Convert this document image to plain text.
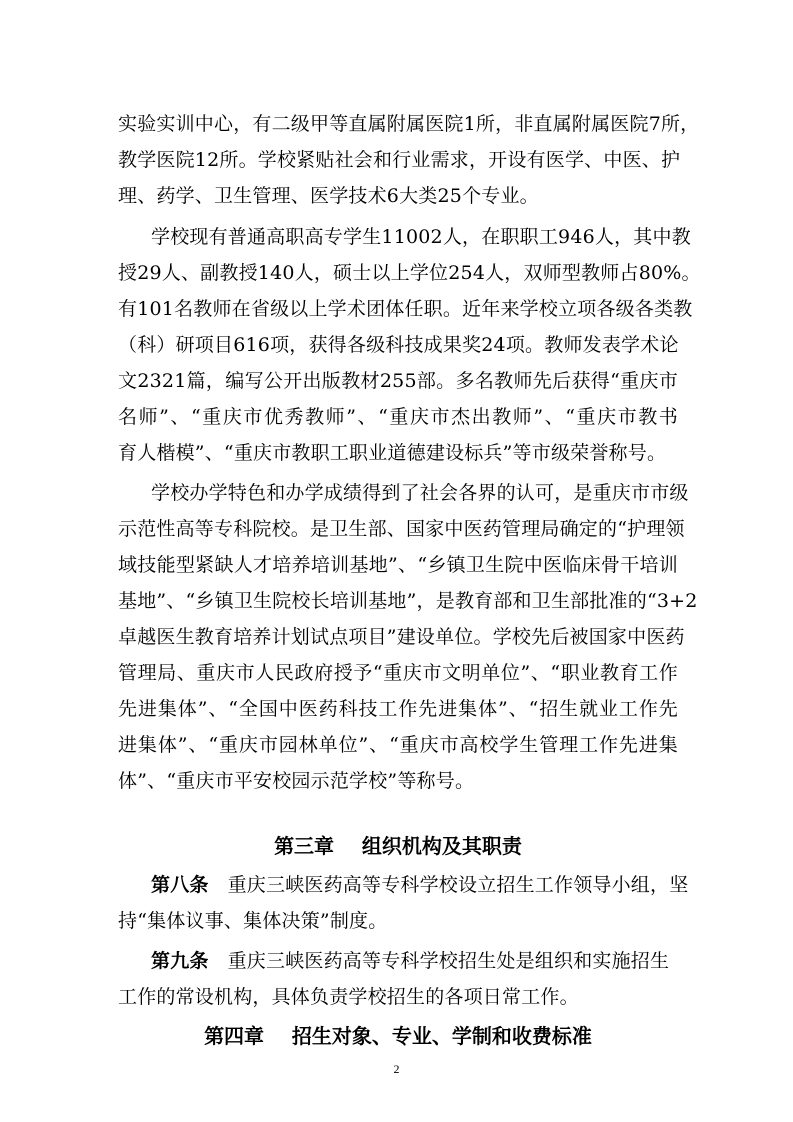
实验实训中心，有二级甲等直属附属医院1所，非直属附属医院7所，
教学医院12所。学校紧贴社会和行业需求，开设有医学、中医、护
理、药学、卫生管理、医学技术6大类25个专业。
学校现有普通高职高专学生11002人，在职职工946人，其中教
授29人、副教授140人，硕士以上学位254人，双师型教师占80%。
有101名教师在省级以上学术团体任职。近年来学校立项各级各类教
（科）研项目616项，获得各级科技成果奖24项。教师发表学术论
文2321篇，编写公开出版教材255部。多名教师先后获得“重庆市
名师”、“重庆市优秀教师”、“重庆市杰出教师”、“重庆市教书
育人楷模”、“重庆市教职工职业道德建设标兵”等市级荣誉称号。
学校办学特色和办学成绩得到了社会各界的认可，是重庆市市级
示范性高等专科院校。是卫生部、国家中医药管理局确定的“护理领
域技能型紧缺人才培养培训基地”、“乡镇卫生院中医临床骨干培训
基地”、“乡镇卫生院校长培训基地”，是教育部和卫生部批准的“3+2
卓越医生教育培养计划试点项目”建设单位。学校先后被国家中医药
管理局、重庆市人民政府授予“重庆市文明单位”、“职业教育工作
先进集体”、“全国中医药科技工作先进集体”、“招生就业工作先
进集体”、“重庆市园林单位”、“重庆市高校学生管理工作先进集
体”、“重庆市平安校园示范学校”等称号。
第三章    组织机构及其职责
第八条 重庆三峡医药高等专科学校设立招生工作领导小组，坚
持“集体议事、集体决策”制度。
第九条 重庆三峡医药高等专科学校招生处是组织和实施招生
工作的常设机构，具体负责学校招生的各项日常工作。
2
第四章    招生对象、专业、学制和收费标准
